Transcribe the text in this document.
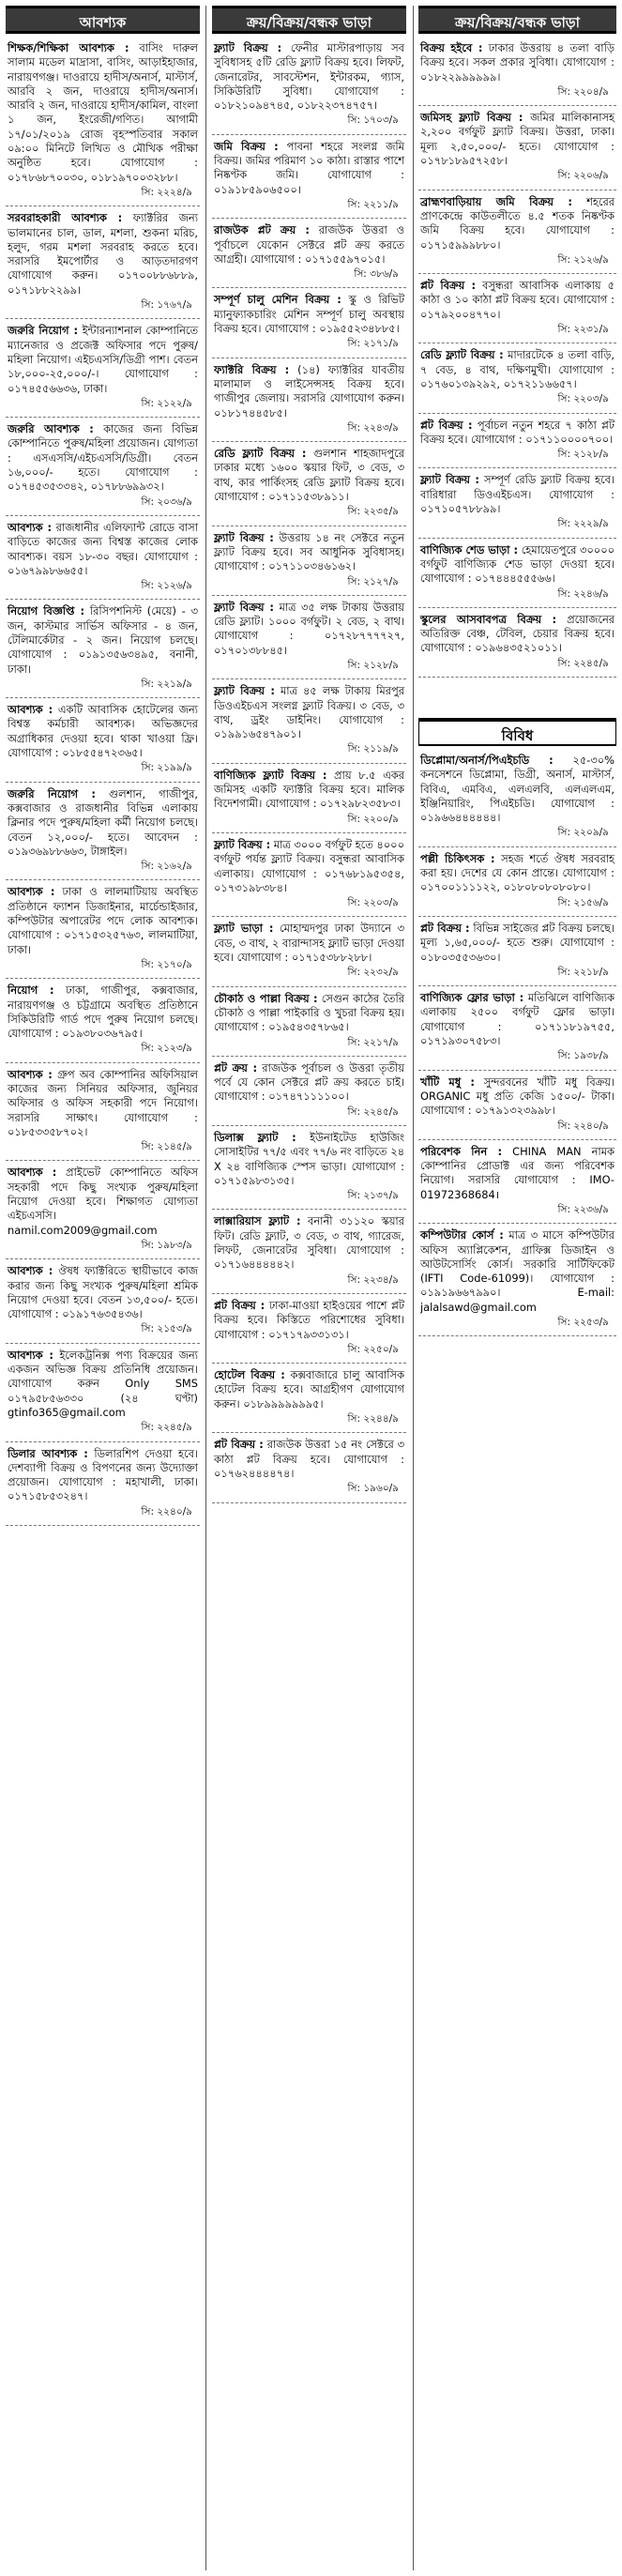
আবশ্যক
শিক্ষক/শিক্ষিকা আবশ্যক : বাসিং দারুল সালাম মডেল মাদ্রাসা, বাসিং, আড়াইহাজার, নারায়ণগঞ্জ। দাওরায়ে হাদীস/অনার্স, মাস্টার্স, আরবি ২ জন, দাওরায়ে হাদীস/অনার্স। আরবি ২ জন, দাওরায়ে হাদীস/কামিল, বাংলা ১ জন, ইংরেজী/গণিত। আগামী ১৭/০১/২০১৯ রোজ বৃহস্পতিবার সকাল ০৯:০০ মিনিটে লিখিত ও মৌখিক পরীক্ষা অনুষ্ঠিত হবে। যোগাযোগ : ০১৭৮৬৮৭০০৩০, ০১৮১৯৭০০৩২৮৮।
সি: ২২২৪/৯
সরবরাহকারী আবশ্যক : ফ্যাক্টরির জন্য ভালমানের চাল, ডাল, মশলা, শুকনা মরিচ, হলুদ, গরম মশলা সরবরাহ করতে হবে। সরাসরি ইমপোর্টার ও আড়তদারগণ যোগাযোগ করুন। ০১৭০০৮৮৬৮৮৯, ০১৭১৮৮২২৯৯।
সি: ১৭৬৭/৯
জরুরি নিয়োগ : ইন্টারন্যাশনাল কোম্পানিতে ম্যানেজার ও প্রজেক্ট অফিসার পদে পুরুষ/মহিলা নিয়োগ। এইচএসসি/ডিগ্রী পাশ। বেতন ১৮,০০০-২৫,০০০/-। যোগাযোগ : ০১৭৪৫৫৬৬৩৬, ঢাকা।
সি: ২১২২/৯
জরুরি আবশ্যক : কাজের জন্য বিভিন্ন কোম্পানিতে পুরুষ/মহিলা প্রয়োজন। যোগ্যতা : এসএসসি/এইচএসসি/ডিগ্রী। বেতন ১৬,০০০/- হতে। যোগাযোগ : ০১৭৪৫৩৫৩৩৪২, ০১৭৮৮৬৯৯৩২।
সি: ২০৩৬/৯
আবশ্যক : রাজধানীর এলিফ্যান্ট রোডে বাসা বাড়িতে কাজের জন্য বিশ্বস্ত কাজের লোক আবশ্যক। বয়স ১৮-৩০ বছর। যোগাযোগ : ০১৬৭৯৯৮৬৬৫৫।
সি: ২১২৬/৯
নিয়োগ বিজ্ঞপ্তি : রিসিপশনিস্ট (মেয়ে) - ৩ জন, কাস্টমার সার্ভিস অফিসার - ৪ জন, টেলিমার্কেটার - ২ জন। নিয়োগ চলছে। যোগাযোগ : ০১৯১৩৫৬৩৪৯৫, বনানী, ঢাকা।
সি: ২২১৯/৯
আবশ্যক : একটি আবাসিক হোটেলের জন্য বিশ্বস্ত কর্মচারী আবশ্যক। অভিজ্ঞদের অগ্রাধিকার দেওয়া হবে। থাকা খাওয়া ফ্রি। যোগাযোগ : ০১৮৫৫৪৭২৩৬৫।
সি: ২১৯৯/৯
জরুরি নিয়োগ : গুলশান, গাজীপুর, কক্সবাজার ও রাজধানীর বিভিন্ন এলাকায় ক্লিনার পদে পুরুষ/মহিলা কর্মী নিয়োগ চলছে। বেতন ১২,০০০/- হতে। আবেদন : ০১৯৩৬৯৮৮৬৬৩, টাঙ্গাইল।
সি: ২১৬২/৯
আবশ্যক : ঢাকা ও লালমাটিয়ায় অবস্থিত প্রতিষ্ঠানে ফ্যাশন ডিজাইনার, মার্চেন্ডাইজার, কম্পিউটার অপারেটর পদে লোক আবশ্যক। যোগাযোগ : ০১৭১৫৩২৫৭৬৩, লালমাটিয়া, ঢাকা।
সি: ২১৭০/৯
নিয়োগ : ঢাকা, গাজীপুর, কক্সবাজার, নারায়ণগঞ্জ ও চট্টগ্রামে অবস্থিত প্রতিষ্ঠানে সিকিউরিটি গার্ড পদে পুরুষ নিয়োগ চলছে। যোগাযোগ : ০১৯৩৮০৩৬৭৯৫।
সি: ২১২৩/৯
আবশ্যক : গ্রুপ অব কোম্পানির অফিসিয়াল কাজের জন্য সিনিয়র অফিসার, জুনিয়র অফিসার ও অফিস সহকারী পদে নিয়োগ। সরাসরি সাক্ষাৎ। যোগাযোগ : ০১৮৫৩৩৫৮৭০২।
সি: ২১৪৫/৯
আবশ্যক : প্রাইভেট কোম্পানিতে অফিস সহকারী পদে কিছু সংখ্যক পুরুষ/মহিলা নিয়োগ দেওয়া হবে। শিক্ষাগত যোগ্যতা এইচএসসি। namil.com2009@gmail.com
সি: ১৯৮৩/৯
আবশ্যক : ঔষধ ফ্যাক্টরিতে স্থায়ীভাবে কাজ করার জন্য কিছু সংখ্যক পুরুষ/মহিলা শ্রমিক নিয়োগ দেওয়া হবে। বেতন ১৩,৫০০/- হতে। যোগাযোগ : ০১৯১৭৬৩৫৪৩৬।
সি: ২১৫৩/৯
আবশ্যক : ইলেকট্রনিক্স পণ্য বিক্রয়ের জন্য একজন অভিজ্ঞ বিক্রয় প্রতিনিধি প্রয়োজন। যোগাযোগ করুন Only SMS ০১৭৯৫৮৫৬৩৩০ (২৪ ঘণ্টা) gtinfo365@gmail.com
সি: ২২৪৫/৯
ডিলার আবশ্যক : ডিলারশিপ দেওয়া হবে। দেশব্যাপী বিক্রয় ও বিপণনের জন্য উদ্যোক্তা প্রয়োজন। যোগাযোগ : মহাখালী, ঢাকা। ০১৭১৫৮৫৩২৪৭।
সি: ২২৪০/৯
ক্রয়/বিক্রয়/বন্ধক ভাড়া
ফ্ল্যাট বিক্রয় : ফেনীর মাস্টারপাড়ায় সব সুবিধাসহ ৫টি রেডি ফ্ল্যাট বিক্রয় হবে। লিফট, জেনারেটর, সাবস্টেশন, ইন্টারকম, গ্যাস, সিকিউরিটি সুবিধা। যোগাযোগ : ০১৮২১০৯৪৭৪৫, ০১৮২২৩৭৪৭৫৭।
সি: ১৭০৩/৯
জমি বিক্রয় : পাবনা শহরে সংলগ্ন জমি বিক্রয়। জমির পরিমাণ ১০ কাঠা। রাস্তার পাশে নিষ্কণ্টক জমি। যোগাযোগ : ০১৯১৮৫৯০৬৫০০।
সি: ২২১১/৯
রাজউক প্লট ক্রয় : রাজউক উত্তরা ও পূর্বাচলে যেকোন সেক্টরে প্লট ক্রয় করতে আগ্রহী। যোগাযোগ : ০১৭১৫৫৯৭০১৫।
সি: ৩৮৬/৯
সম্পূর্ণ চালু মেশিন বিক্রয় : স্কু ও রিভিট ম্যানুফ্যাকচারিং মেশিন সম্পূর্ণ চালু অবস্থায় বিক্রয় হবে। যোগাযোগ : ০১৯৫৫২৩৪৮৮৫।
সি: ২১৭১/৯
ফ্যাক্টরি বিক্রয় : (১৪) ফ্যাক্টরির যাবতীয় মালামাল ও লাইসেন্সসহ বিক্রয় হবে। গাজীপুর জেলায়। সরাসরি যোগাযোগ করুন। ০১৮১৭৪৪৫৮৫।
সি: ২২৪৩/৯
রেডি ফ্ল্যাট বিক্রয় : গুলশান শাহজাদপুরে ঢাকার মধ্যে ১৬০০ স্কয়ার ফিট, ৩ বেড, ৩ বাথ, কার পার্কিংসহ রেডি ফ্ল্যাট বিক্রয় হবে। যোগাযোগ : ০১৭১১৫৩৮৯১১।
সি: ২২৩৫/৯
ফ্ল্যাট বিক্রয় : উত্তরায় ১৪ নং সেক্টরে নতুন ফ্ল্যাট বিক্রয় হবে। সব আধুনিক সুবিধাসহ। যোগাযোগ : ০১৭১১০৩৪৬১৬২।
সি: ২১২৭/৯
ফ্ল্যাট বিক্রয় : মাত্র ৩৫ লক্ষ টাকায় উত্তরায় রেডি ফ্ল্যাট। ১০০০ বর্গফুট। ২ বেড, ২ বাথ। যোগাযোগ : ০১৭২৮৭৭৭৭২৭, ০১৭০১৩৮৮৪৫।
সি: ২১২৮/৯
ফ্ল্যাট বিক্রয় : মাত্র ৪৫ লক্ষ টাকায় মিরপুর ডিওএইচএস সংলগ্ন ফ্ল্যাট বিক্রয়। ৩ বেড, ৩ বাথ, ড্রইং ডাইনিং। যোগাযোগ : ০১৯৯১৬৫৪৭৯০১।
সি: ২১১৯/৯
বাণিজ্যিক ফ্ল্যাট বিক্রয় : প্রায় ৮.৫ একর জমিসহ একটি ফ্যাক্টরি বিক্রয় হবে। মালিক বিদেশগামী। যোগাযোগ : ০১৭২৯৮২৩৫৮৩।
সি: ২২০০/৯
ফ্ল্যাট বিক্রয় : মাত্র ৩০০০ বর্গফুট হতে ৪০০০ বর্গফুট পর্যন্ত ফ্ল্যাট বিক্রয়। বসুন্ধরা আবাসিক এলাকায়। যোগাযোগ : ০১৭৬৮১৯৫৩৫৪, ০১৭৩১৯৮৩৮৪।
সি: ২২০৩/৯
ফ্ল্যাট ভাড়া : মোহাম্মদপুর ঢাকা উদ্যানে ৩ বেড, ৩ বাথ, ২ বারান্দাসহ ফ্ল্যাট ভাড়া দেওয়া হবে। যোগাযোগ : ০১৭১৫৩৮৮২৮৮।
সি: ২২৩২/৯
চৌকাঠ ও পাল্লা বিক্রয় : সেগুন কাঠের তৈরি চৌকাঠ ও পাল্লা পাইকারি ও খুচরা বিক্রয় হয়। যোগাযোগ : ০১৯৫৪৩৫৭৮৬৫।
সি: ২২১৭/৯
প্লট ক্রয় : রাজউক পূর্বাচল ও উত্তরা তৃতীয় পর্বে যে কোন সেক্টরে প্লট ক্রয় করতে চাই। যোগাযোগ : ০১৭৪৭১১১১০০।
সি: ২২৪৫/৯
ডিলাক্স ফ্ল্যাট : ইউনাইটেড হাউজিং সোসাইটির ৭৭/৫ এবং ৭৭/৬ নং বাড়িতে ২৪ X ২৪ বাণিজ্যিক স্পেস ভাড়া। যোগাযোগ : ০১৭১৫৯৮৩১৩৫।
সি: ২১৩৭/৯
লাক্সারিয়াস ফ্ল্যাট : বনানী ৩১১২০ স্কয়ার ফিট। রেডি ফ্ল্যাট, ৩ বেড, ৩ বাথ, গ্যারেজ, লিফট, জেনারেটর সুবিধা। যোগাযোগ : ০১৭১৬৪৪৪৪৪২।
সি: ২২৩৪/৯
প্লট বিক্রয় : ঢাকা-মাওয়া হাইওয়ের পাশে প্লট বিক্রয় হবে। কিস্তিতে পরিশোধের সুবিধা। যোগাযোগ : ০১৭১৭৯৩৩১৩১।
সি: ২২৫০/৯
হোটেল বিক্রয় : কক্সবাজারে চালু আবাসিক হোটেল বিক্রয় হবে। আগ্রহীগণ যোগাযোগ করুন। ০১৮৯৯৯৯৯৯৯৫।
সি: ২২৪৪/৯
প্লট বিক্রয় : রাজউক উত্তরা ১৫ নং সেক্টরে ৩ কাঠা প্লট বিক্রয় হবে। যোগাযোগ : ০১৭৬২৪৪৪৪৭৪।
সি: ১৯৬০/৯
ক্রয়/বিক্রয়/বন্ধক ভাড়া
বিক্রয় হইবে : ঢাকার উত্তরায় ৪ তলা বাড়ি বিক্রয় হবে। সকল প্রকার সুবিধা। যোগাযোগ : ০১৮২২৯৯৯৯৯৯।
সি: ২২০৪/৯
জমিসহ ফ্ল্যাট বিক্রয় : জমির মালিকানাসহ ২,২০০ বর্গফুট ফ্ল্যাট বিক্রয়। উত্তরা, ঢাকা। মূল্য ২,৫০,০০০/- হতে। যোগাযোগ : ০১৭৮১৮৯৫৭২৫৮।
সি: ২২০৬/৯
ব্রাহ্মণবাড়িয়ায় জমি বিক্রয় : শহরের প্রাণকেন্দ্রে কাউতলীতে ৪.৫ শতক নিষ্কণ্টক জমি বিক্রয় হবে। যোগাযোগ : ০১৭১৫৯৯৯৮৮০।
সি: ২১২৬/৯
প্লট বিক্রয় : বসুন্ধরা আবাসিক এলাকায় ৫ কাঠা ও ১০ কাঠা প্লট বিক্রয় হবে। যোগাযোগ : ০১৭৯২০০৪৭৭০।
সি: ২২৩১/৯
রেডি ফ্ল্যাট বিক্রয় : মাদারটেকে ৪ তলা বাড়ি, ৭ বেড, ৪ বাথ, দক্ষিণমুখী। যোগাযোগ : ০১৭৬০১৩৯২৯২, ০১৭২১১৬৬৫৭।
সি: ২২০৩/৯
প্লট বিক্রয় : পূর্বাচল নতুন শহরে ৭ কাঠা প্লট বিক্রয় হবে। যোগাযোগ : ০১৭১১০০০০৭০০।
সি: ২১২৮/৯
ফ্ল্যাট বিক্রয় : সম্পূর্ণ রেডি ফ্ল্যাট বিক্রয় হবে। বারিধারা ডিওএইচএস। যোগাযোগ : ০১৭১০৫৭৮৮৯৯।
সি: ২২২৯/৯
বাণিজ্যিক শেড ভাড়া : হেমায়েতপুরে ৩০০০০ বর্গফুট বাণিজ্যিক শেড ভাড়া দেওয়া হবে। যোগাযোগ : ০১৭৪৪৪৫৫৫৬৬।
সি: ২২৪৬/৯
স্কুলের আসবাবপত্র বিক্রয় : প্রয়োজনের অতিরিক্ত বেঞ্চ, টেবিল, চেয়ার বিক্রয় হবে। যোগাযোগ : ০১৯৬৪৩৫২১০১১।
সি: ২২৪৫/৯
বিবিধ
ডিপ্লোমা/অনার্স/পিএইচডি : ২৫-৩০% কনসেশনে ডিপ্লোমা, ডিগ্রী, অনার্স, মাস্টার্স, বিবিএ, এমবিএ, এলএলবি, এলএলএম, ইঞ্জিনিয়ারিং, পিএইচডি। যোগাযোগ : ০১৯৬৬৪৪৪৪৪৪।
সি: ২২০৯/৯
পল্লী চিকিৎসক : সহজ শর্তে ঔষধ সরবরাহ করা হয়। দেশের যে কোন প্রান্তে। যোগাযোগ : ০১৭০০১১১১২২, ০১৮০৮০৮০৮০৮০।
সি: ২১৫৬/৯
প্লট বিক্রয় : বিভিন্ন সাইজের প্লট বিক্রয় চলছে। মূল্য ১,৬৫,০০০/- হতে শুরু। যোগাযোগ : ০১৮০৩৫৫৩৬৩০।
সি: ২২১৮/৯
বাণিজ্যিক ফ্লোর ভাড়া : মতিঝিলে বাণিজ্যিক এলাকায় ২৫০০ বর্গফুট ফ্লোর ভাড়া। যোগাযোগ : ০১৭১১৮১৯৭৫৫, ০১৭১৯৩০৭৫৮৩।
সি: ১৯৩৮/৯
খাঁটি মধু : সুন্দরবনের খাঁটি মধু বিক্রয়। ORGANIC মধু প্রতি কেজি ১৫০০/- টাকা। যোগাযোগ : ০১৭৯১৩২৩৯৯৮।
সি: ২২৪০/৯
পরিবেশক নিন : CHINA MAN নামক কোম্পানির প্রোডাক্ট এর জন্য পরিবেশক নিয়োগ। সরাসরি যোগাযোগ : IMO-01972368684।
সি: ২২৩৬/৯
কম্পিউটার কোর্স : মাত্র ৩ মাসে কম্পিউটার অফিস অ্যাপ্লিকেশন, গ্রাফিক্স ডিজাইন ও আউটসোর্সিং কোর্স। সরকারি সার্টিফিকেট (IFTI Code-61099)। যোগাযোগ : ০১৯১৯৬৬৭৯৯০। E-mail: jalalsawd@gmail.com
সি: ২২৫৩/৯
